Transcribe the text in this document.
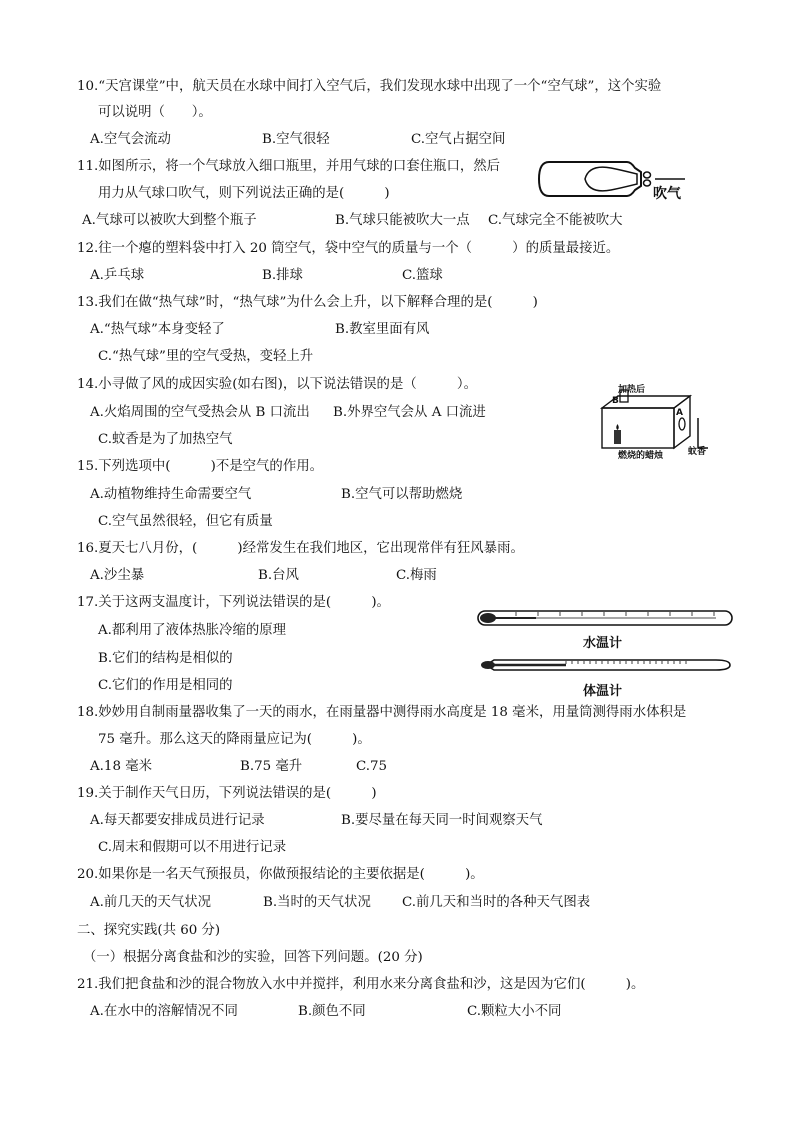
10.“天宫课堂”中，航天员在水球中间打入空气后，我们发现水球中出现了一个“空气球”，这个实验
可以说明（　　）。
A.空气会流动	B.空气很轻	C.空气占据空间
11.如图所示，将一个气球放入细口瓶里，并用气球的口套住瓶口，然后
用力从气球口吹气，则下列说法正确的是(　　　)
A.气球可以被吹大到整个瓶子	B.气球只能被吹大一点 C.气球完全不能被吹大
吹气
12.往一个瘪的塑料袋中打入 20 筒空气，袋中空气的质量与一个（　　　）的质量最接近。
A.乒乓球	B.排球	C.篮球
13.我们在做“热气球”时，“热气球”为什么会上升，以下解释合理的是(　　　)
A.“热气球”本身变轻了	B.教室里面有风
C.“热气球”里的空气受热，变轻上升
14.小寻做了风的成因实验(如右图)，以下说法错误的是（　　　）。
A.火焰周围的空气受热会从 B 口流出 B.外界空气会从 A 口流进
C.蚊香是为了加热空气
加热后
B
A
燃烧的蜡烛	蚊香
15.下列选项中(　　　)不是空气的作用。
A.动植物维持生命需要空气	B.空气可以帮助燃烧
C.空气虽然很轻，但它有质量
16.夏天七八月份，(　　　)经常发生在我们地区，它出现常伴有狂风暴雨。
A.沙尘暴	B.台风	C.梅雨
17.关于这两支温度计，下列说法错误的是(　　　)。
A.都利用了液体热胀冷缩的原理
B.它们的结构是相似的
C.它们的作用是相同的
水温计
体温计
18.妙妙用自制雨量器收集了一天的雨水，在雨量器中测得雨水高度是 18 毫米，用量筒测得雨水体积是
75 毫升。那么这天的降雨量应记为(　　　)。
A.18 毫米	B.75 毫升	C.75
19.关于制作天气日历，下列说法错误的是(　　　)
A.每天都要安排成员进行记录	B.要尽量在每天同一时间观察天气
C.周末和假期可以不用进行记录
20.如果你是一名天气预报员，你做预报结论的主要依据是(　　　)。
A.前几天的天气状况	B.当时的天气状况 C.前几天和当时的各种天气图表
二、探究实践(共 60 分)
（一）根据分离食盐和沙的实验，回答下列问题。(20 分)
21.我们把食盐和沙的混合物放入水中并搅拌，利用水来分离食盐和沙，这是因为它们(　　　)。
A.在水中的溶解情况不同	B.颜色不同	C.颗粒大小不同
